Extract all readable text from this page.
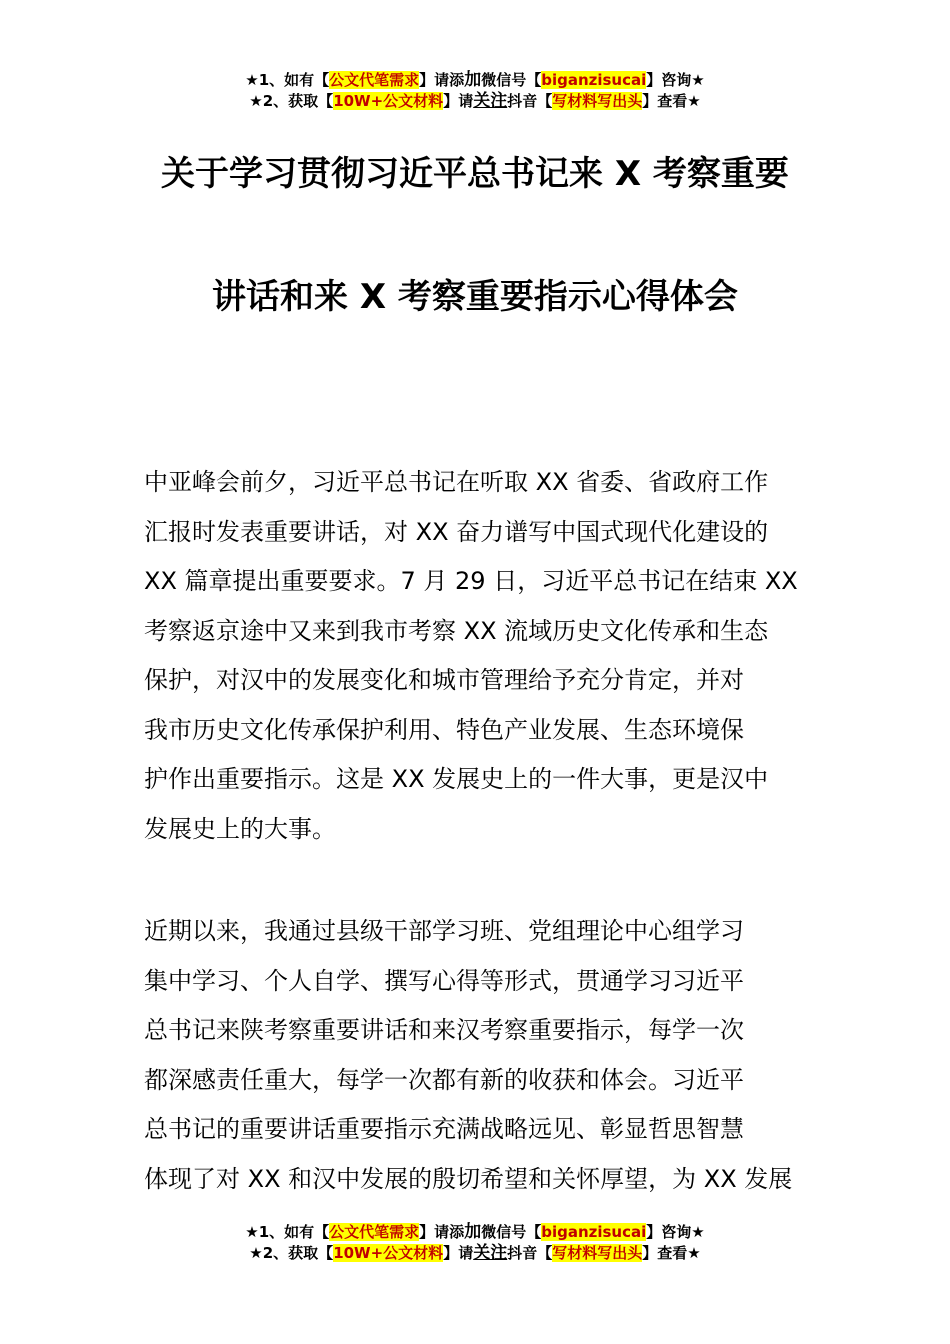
★1、如有【公文代笔需求】请添加微信号【biganzisucai】咨询★
★2、获取【10W+公文材料】请关注抖音【写材料写出头】查看★
关于学习贯彻习近平总书记来 X 考察重要
讲话和来 X 考察重要指示心得体会
中亚峰会前夕，习近平总书记在听取 XX 省委、省政府工作
汇报时发表重要讲话，对 XX 奋力谱写中国式现代化建设的
XX 篇章提出重要要求。7 月 29 日，习近平总书记在结束 XX
考察返京途中又来到我市考察 XX 流域历史文化传承和生态
保护，对汉中的发展变化和城市管理给予充分肯定，并对
我市历史文化传承保护利用、特色产业发展、生态环境保
护作出重要指示。这是 XX 发展史上的一件大事，更是汉中
发展史上的大事。
近期以来，我通过县级干部学习班、党组理论中心组学习
集中学习、个人自学、撰写心得等形式，贯通学习习近平
总书记来陕考察重要讲话和来汉考察重要指示，每学一次
都深感责任重大，每学一次都有新的收获和体会。习近平
总书记的重要讲话重要指示充满战略远见、彰显哲思智慧
体现了对 XX 和汉中发展的殷切希望和关怀厚望，为 XX 发展
★1、如有【公文代笔需求】请添加微信号【biganzisucai】咨询★
★2、获取【10W+公文材料】请关注抖音【写材料写出头】查看★
